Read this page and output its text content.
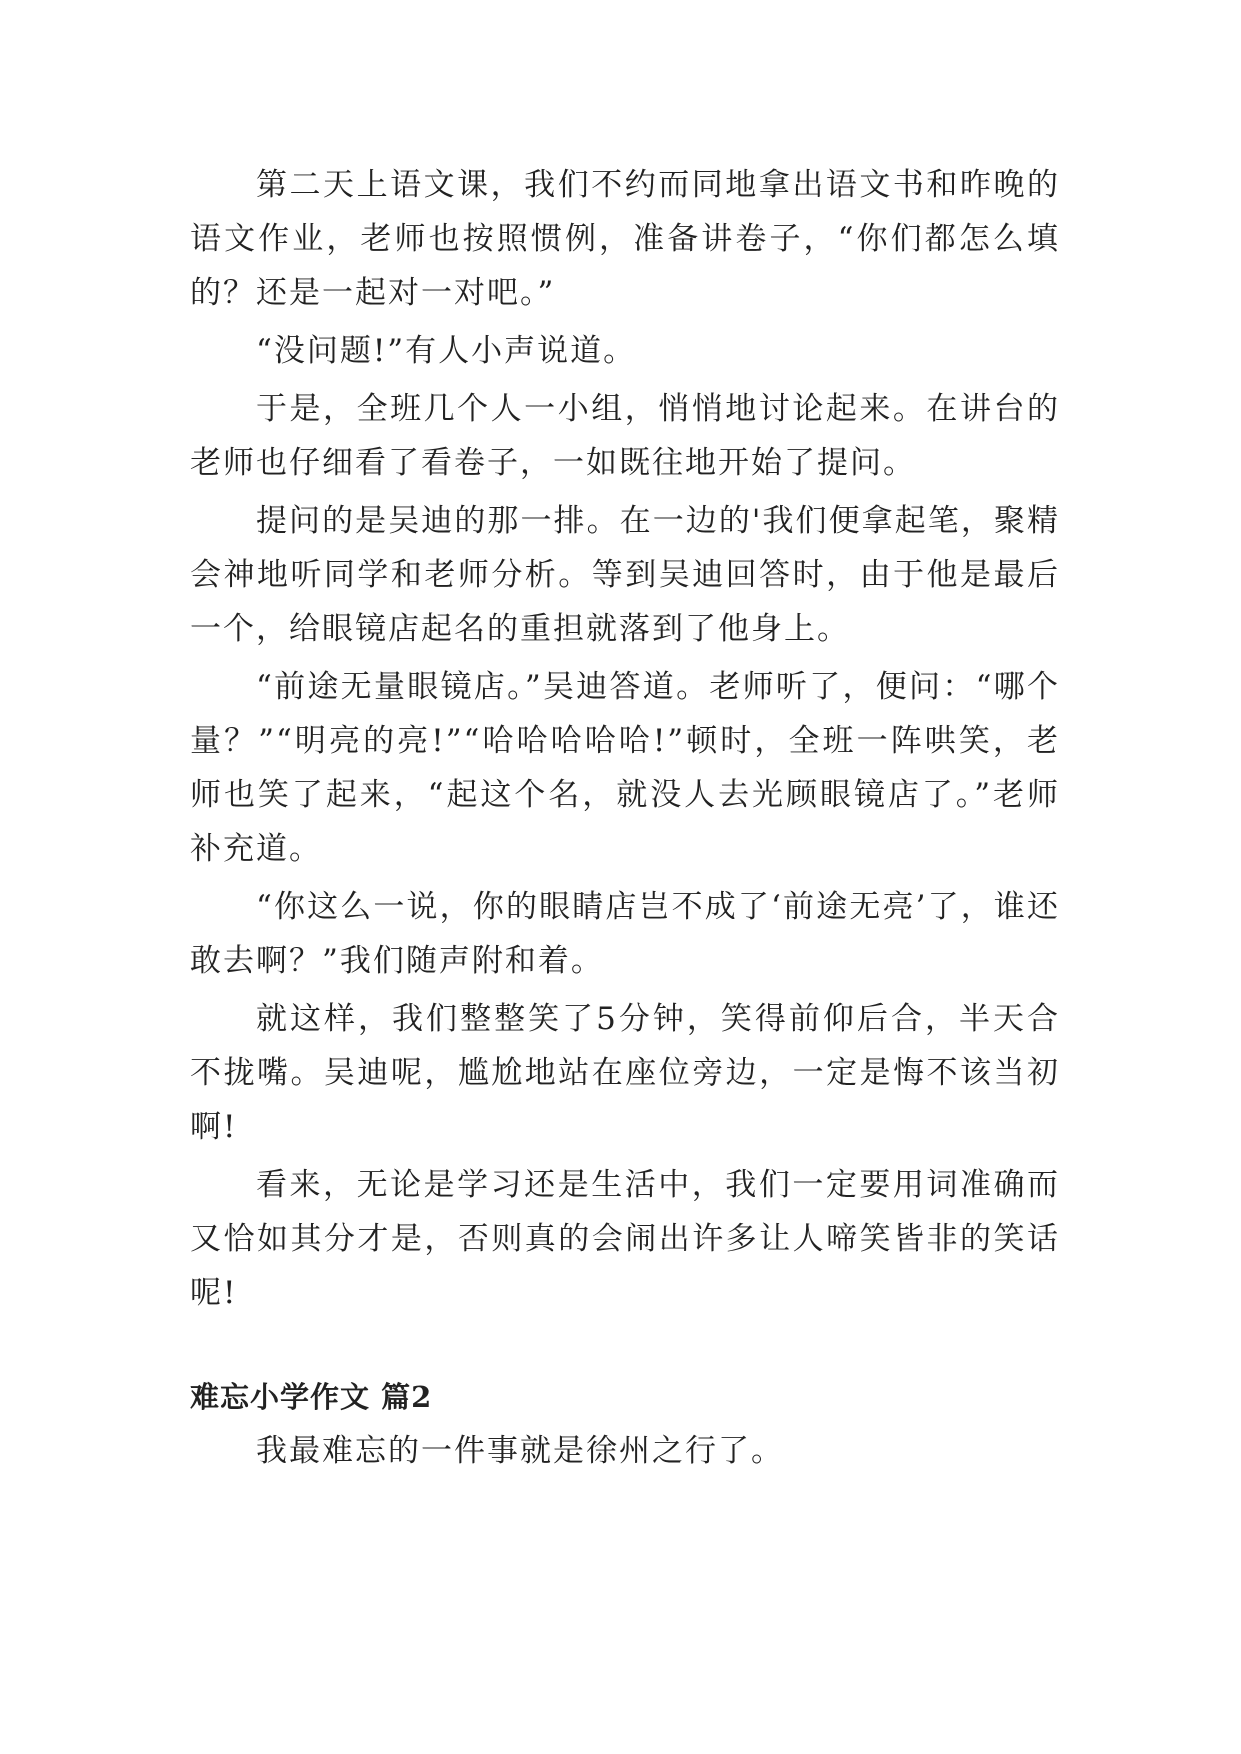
第二天上语文课，我们不约而同地拿出语文书和昨晚的语文作业，老师也按照惯例，准备讲卷子，“你们都怎么填的？还是一起对一对吧。”

“没问题!”有人小声说道。

于是，全班几个人一小组，悄悄地讨论起来。在讲台的老师也仔细看了看卷子，一如既往地开始了提问。

提问的是吴迪的那一排。在一边的'我们便拿起笔，聚精会神地听同学和老师分析。等到吴迪回答时，由于他是最后一个，给眼镜店起名的重担就落到了他身上。

“前途无量眼镜店。”吴迪答道。老师听了，便问：“哪个量？”“明亮的亮!”“哈哈哈哈哈!”顿时，全班一阵哄笑，老师也笑了起来，“起这个名，就没人去光顾眼镜店了。”老师补充道。

“你这么一说，你的眼睛店岂不成了‘前途无亮’了，谁还敢去啊？”我们随声附和着。

就这样，我们整整笑了5分钟，笑得前仰后合，半天合不拢嘴。吴迪呢，尴尬地站在座位旁边，一定是悔不该当初啊!

看来，无论是学习还是生活中，我们一定要用词准确而又恰如其分才是，否则真的会闹出许多让人啼笑皆非的笑话呢!

难忘小学作文 篇2

我最难忘的一件事就是徐州之行了。
